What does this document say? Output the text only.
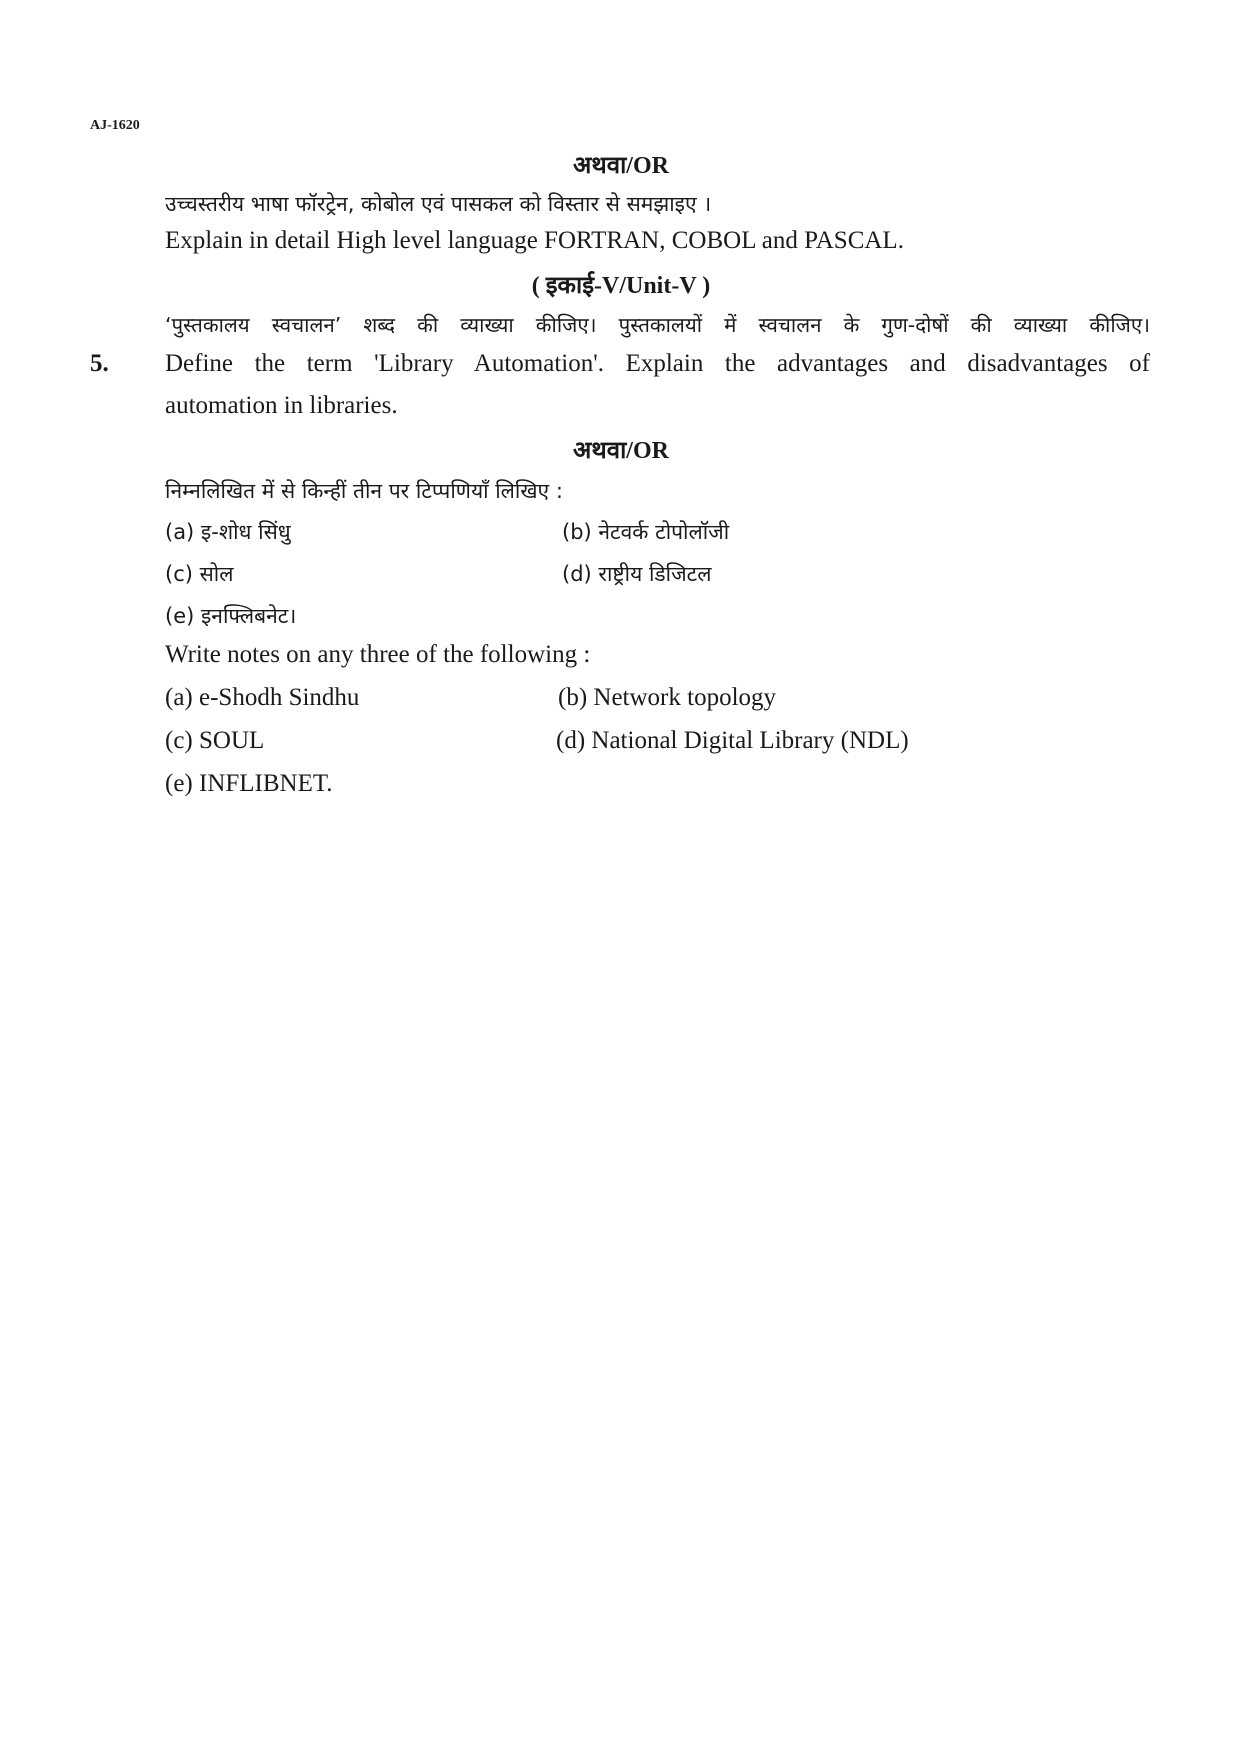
AJ-1620
अथवा/OR
उच्चस्तरीय भाषा फॉरट्रेन, कोबोल एवं पासकल को विस्तार से समझाइए ।
Explain in detail High level language FORTRAN, COBOL and PASCAL.
( इकाई-V/Unit-V )
5.
‘पुस्तकालय स्वचालन’ शब्द की व्याख्या कीजिए। पुस्तकालयों में स्वचालन के गुण-दोषों की व्याख्या कीजिए।
Define the term 'Library Automation'. Explain the advantages and disadvantages of
automation in libraries.
अथवा/OR
निम्नलिखित में से किन्हीं तीन पर टिप्पणियाँ लिखिए :
(a) इ-शोध सिंधु	(b) नेटवर्क टोपोलॉजी
(c) सोल	(d) राष्ट्रीय डिजिटल
(e) इनफ्लिबनेट।
Write notes on any three of the following :
(a) e-Shodh Sindhu	(b) Network topology
(c) SOUL	(d) National Digital Library (NDL)
(e) INFLIBNET.
